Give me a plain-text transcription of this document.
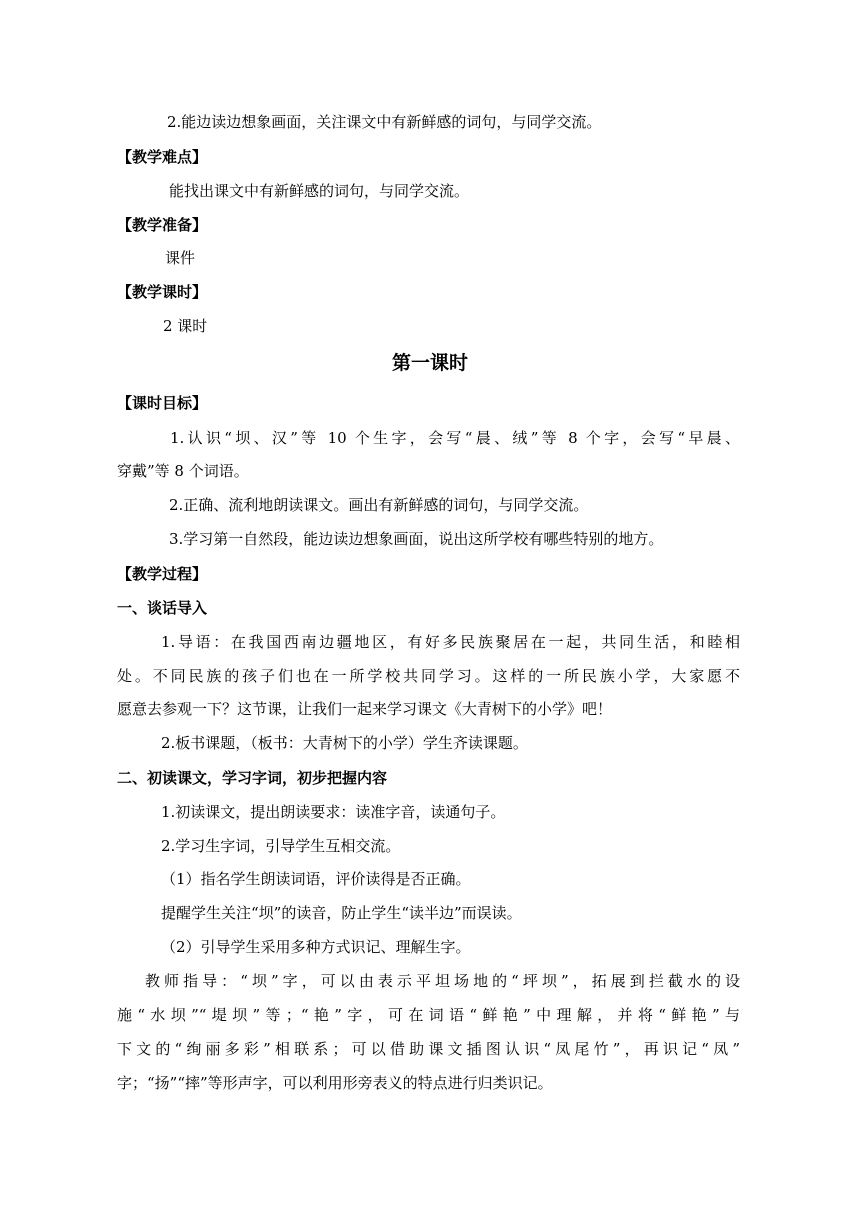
2.能边读边想象画面，关注课文中有新鲜感的词句，与同学交流。
【教学难点】
能找出课文中有新鲜感的词句，与同学交流。
【教学准备】
课件
【教学课时】
2 课时
第一课时
【课时目标】
1.认识“坝、汉”等 10 个生字，会写“晨、绒”等 8 个字，会写“早晨、
穿戴”等 8 个词语。
2.正确、流利地朗读课文。画出有新鲜感的词句，与同学交流。
3.学习第一自然段，能边读边想象画面，说出这所学校有哪些特别的地方。
【教学过程】
一、谈话导入
1.导语：在我国西南边疆地区，有好多民族聚居在一起，共同生活，和睦相
处。不同民族的孩子们也在一所学校共同学习。这样的一所民族小学，大家愿不
愿意去参观一下？这节课，让我们一起来学习课文《大青树下的小学》吧！
2.板书课题，（板书：大青树下的小学）学生齐读课题。
二、初读课文，学习字词，初步把握内容
1.初读课文，提出朗读要求：读准字音，读通句子。
2.学习生字词，引导学生互相交流。
（1）指名学生朗读词语，评价读得是否正确。
提醒学生关注“坝”的读音，防止学生“读半边”而误读。
（2）引导学生采用多种方式识记、理解生字。
教师指导：“坝”字，可以由表示平坦场地的“坪坝”，拓展到拦截水的设
施“水坝”“堤坝”等；“艳”字，可在词语“鲜艳”中理解，并将“鲜艳”与
下文的“绚丽多彩”相联系；可以借助课文插图认识“凤尾竹”，再识记“凤”
字；“扬”“摔”等形声字，可以利用形旁表义的特点进行归类识记。
